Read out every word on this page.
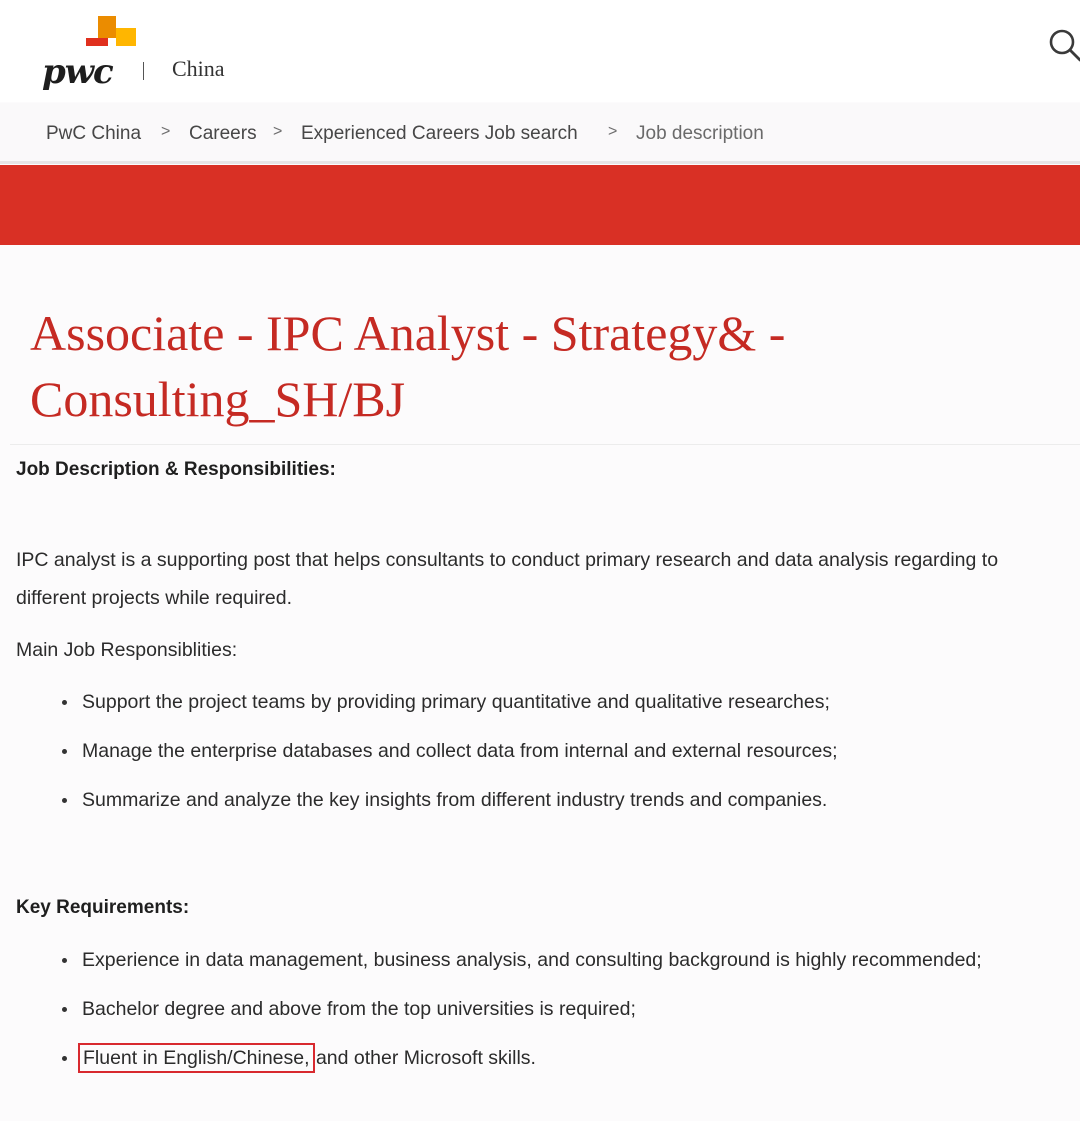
pwc	China
PwC China > Careers > Experienced Careers Job search > Job description
Associate - IPC Analyst - Strategy& -
Consulting_SH/BJ
Job Description & Responsibilities:

IPC analyst is a supporting post that helps consultants to conduct primary research and data analysis regarding to different projects while required.

Main Job Responsiblities:

Support the project teams by providing primary quantitative and qualitative researches;
Manage the enterprise databases and collect data from internal and external resources;
Summarize and analyze the key insights from different industry trends and companies.
Key Requirements:
Experience in data management, business analysis, and consulting background is highly recommended;
Bachelor degree and above from the top universities is required;
Fluent in English/Chinese, and other Microsoft skills.
